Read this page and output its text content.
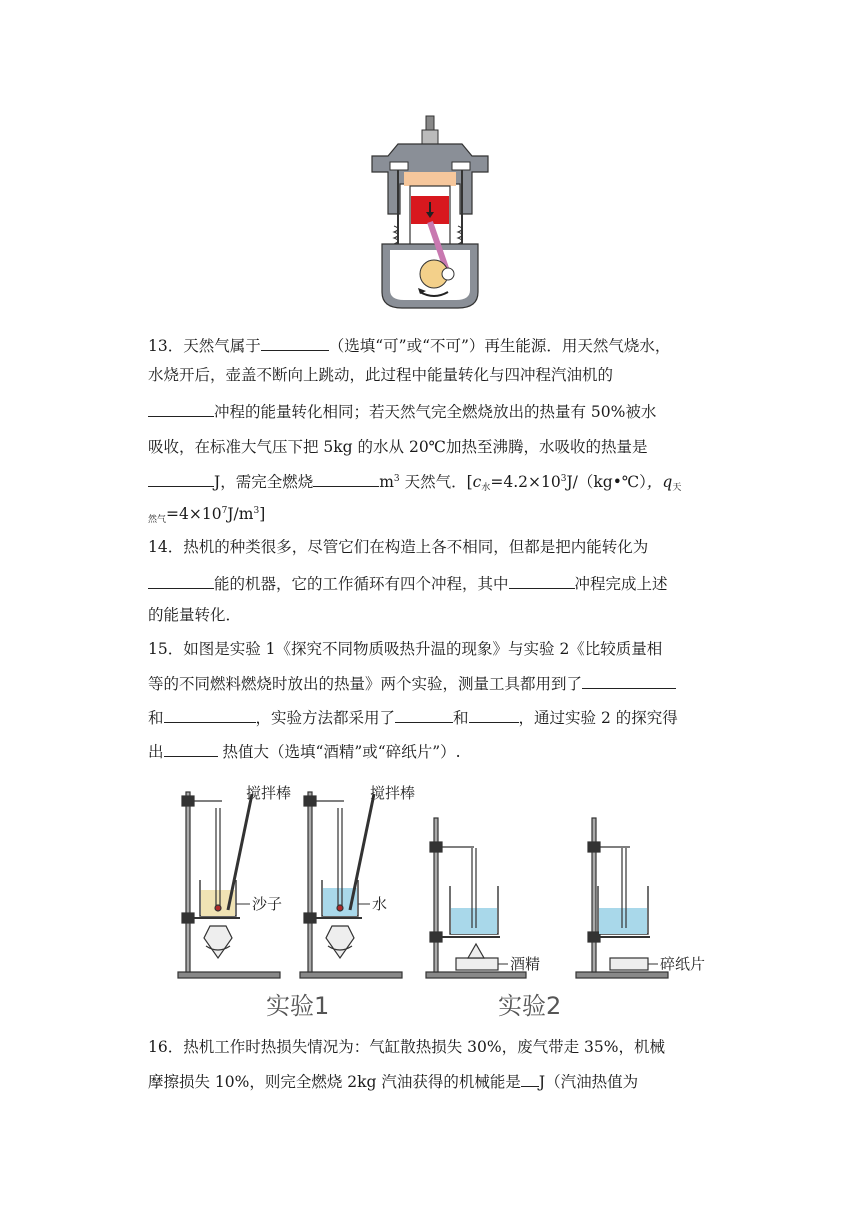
13．天然气属于	（选填“可”或“不可”）再生能源．用天然气烧水，
水烧开后，壶盖不断向上跳动，此过程中能量转化与四冲程汽油机的
冲程的能量转化相同；若天然气完全燃烧放出的热量有 50%被水
吸收，在标准大气压下把 5kg 的水从 20℃加热至沸腾，水吸收的热量是
J，需完全燃烧	$m^3$ 天然气．[$c_水=4.2\times 10^3J/(kg•℃)$，$q_天$
$_{然气}=4\times 10^7J/m^3$]
14．热机的种类很多，尽管它们在构造上各不相同，但都是把内能转化为
能的机器，它的工作循环有四个冲程，其中	冲程完成上述
的能量转化．
15．如图是实验 1《探究不同物质吸热升温的现象》与实验 2《比较质量相
等的不同燃料燃烧时放出的热量》两个实验，测量工具都用到了
和	，实验方法都采用了	和	，通过实验 2 的探究得
出	热值大（选填“酒精”或“碎纸片”）.
搅拌棒
沙子
搅拌棒
水
酒精	碎纸片
实验1	实验2
16．热机工作时热损失情况为：气缸散热损失 30%，废气带走 35%，机械
摩擦损失 10%，则完全燃烧 2kg 汽油获得的机械能是 J（汽油热值为
